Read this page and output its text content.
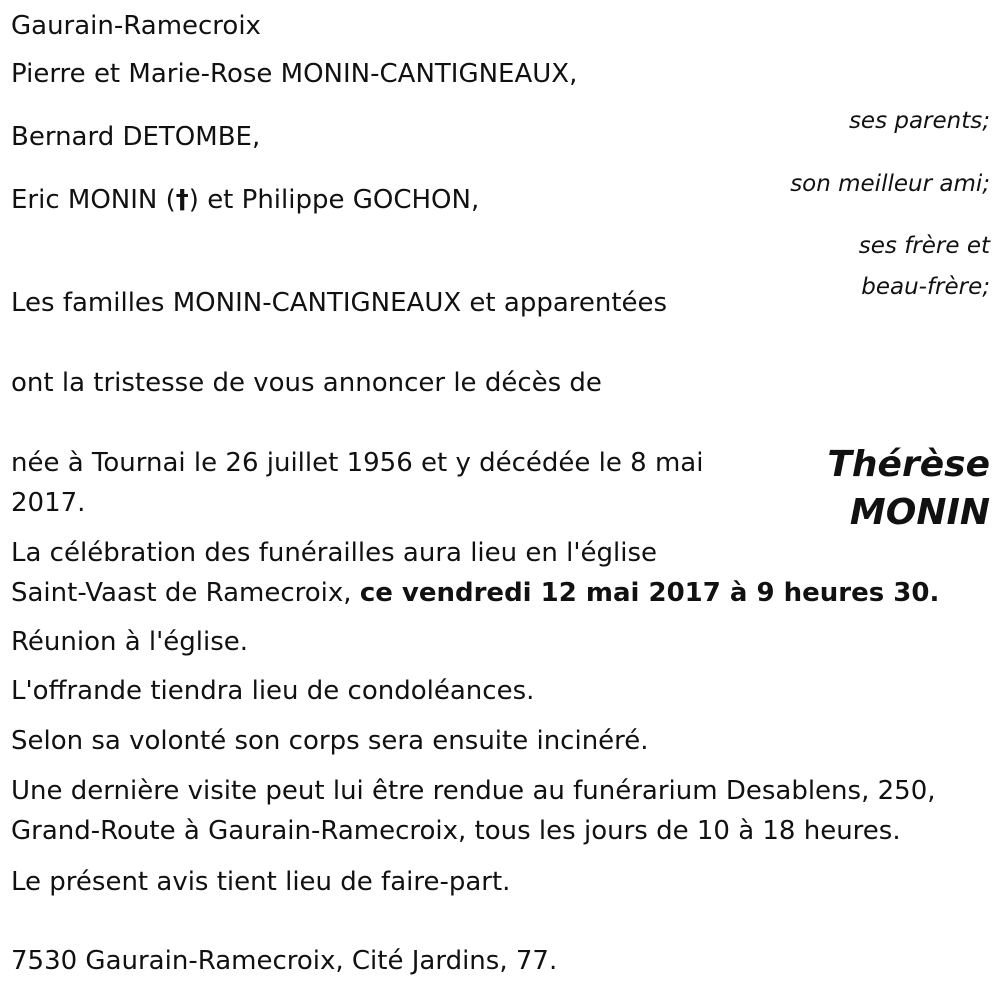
Gaurain-Ramecroix

Pierre et Marie-Rose MONIN-CANTIGNEAUX,

ses parents;

Bernard DETOMBE,

son meilleur ami;

Eric MONIN (†) et Philippe GOCHON,

ses frère et

beau-frère;

Les familles MONIN-CANTIGNEAUX et apparentées

ont la tristesse de vous annoncer le décès de

née à Tournai le 26 juillet 1956 et y décédée le 8 mai

2017.

Thérèse
MONIN

La célébration des funérailles aura lieu en l'église

Saint-Vaast de Ramecroix, ce vendredi 12 mai 2017 à 9 heures 30.

Réunion à l'église.

L'offrande tiendra lieu de condoléances.

Selon sa volonté son corps sera ensuite incinéré.

Une dernière visite peut lui être rendue au funérarium Desablens, 250,

Grand-Route à Gaurain-Ramecroix, tous les jours de 10 à 18 heures.

Le présent avis tient lieu de faire-part.

7530 Gaurain-Ramecroix, Cité Jardins, 77.
